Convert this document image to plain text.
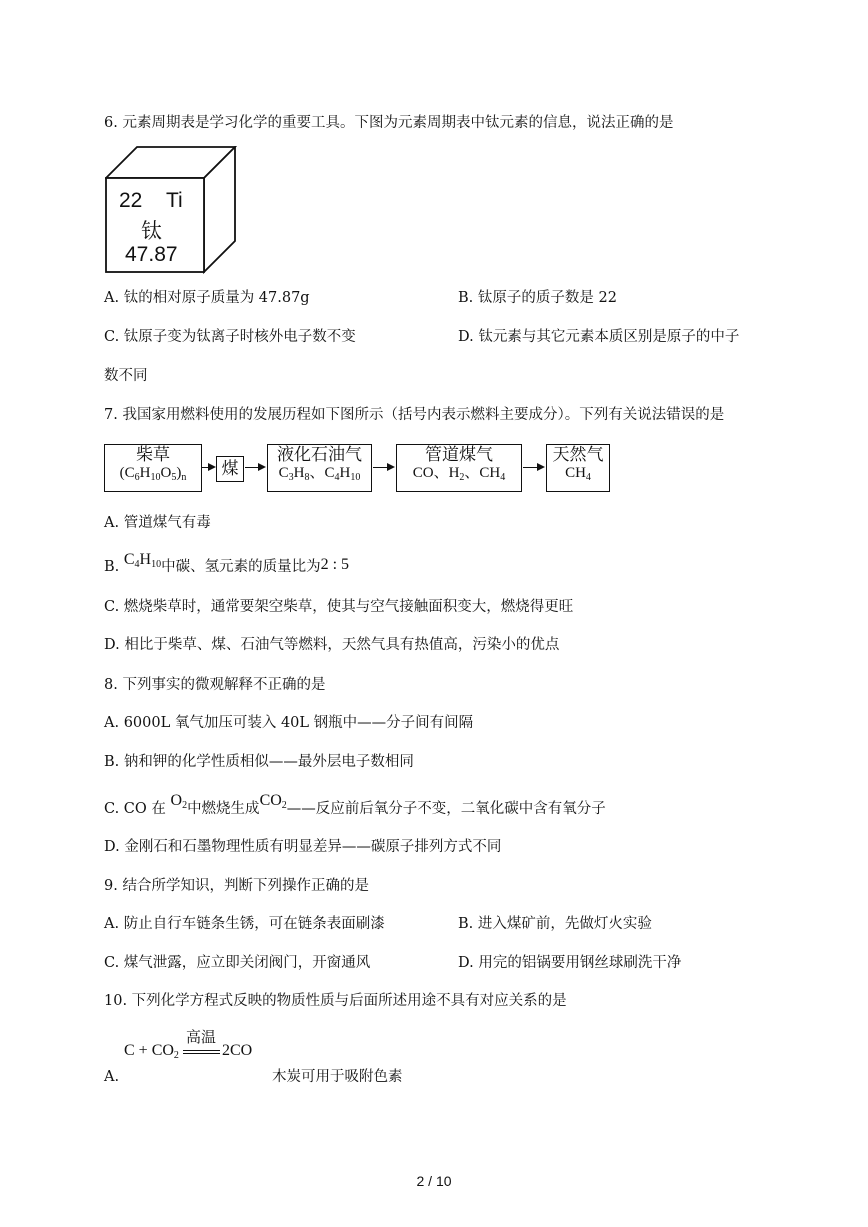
6. 元素周期表是学习化学的重要工具。下图为元素周期表中钛元素的信息，说法正确的是
22 Ti
钛
47.87
A. 钛的相对原子质量为 47.87g	B. 钛原子的质子数是 22
C. 钛原子变为钛离子时核外电子数不变	D. 钛元素与其它元素本质区别是原子的中子
数不同
7. 我国家用燃料使用的发展历程如下图所示（括号内表示燃料主要成分）。下列有关说法错误的是
柴草
$(C_6H_{10}O_5)_n$	煤
液化石油气
$C_3H_8$、$C_4H_{10}$
管道煤气
CO、$H_2$、$CH_4$
天然气
$CH_4$
A. 管道煤气有毒
B. $C_4H_{10}$中碳、氢元素的质量比为2 : 5
C. 燃烧柴草时，通常要架空柴草，使其与空气接触面积变大，燃烧得更旺
D. 相比于柴草、煤、石油气等燃料，天然气具有热值高，污染小的优点
8. 下列事实的微观解释不正确的是
A. 6000L 氧气加压可装入 40L 钢瓶中——分子间有间隔
B. 钠和钾的化学性质相似——最外层电子数相同
C. CO 在 $O_2$中燃烧生成$CO_2——$反应前后氧分子不变，二氧化碳中含有氧分子
D. 金刚石和石墨物理性质有明显差异——碳原子排列方式不同
9. 结合所学知识，判断下列操作正确的是
A. 防止自行车链条生锈，可在链条表面刷漆	B. 进入煤矿前，先做灯火实验
C. 煤气泄露，应立即关闭阀门，开窗通风	D. 用完的铝锅要用钢丝球刷洗干净
10. 下列化学方程式反映的物质性质与后面所述用途不具有对应关系的是
高温
$C + CO_2$	2CO
A.	木炭可用于吸附色素
2 / 10
